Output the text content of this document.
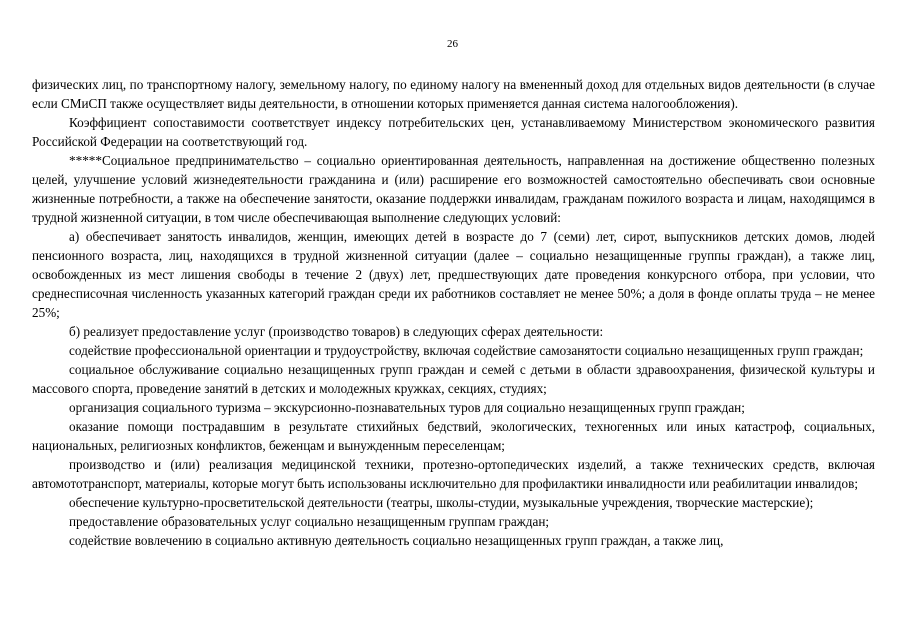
26

физических лиц, по транспортному налогу, земельному налогу, по единому налогу на вмененный доход для отдельных видов деятельности (в случае если СМиСП также осуществляет виды деятельности, в отношении которых применяется данная система налогообложения).

Коэффициент сопоставимости соответствует индексу потребительских цен, устанавливаемому Министерством экономического развития Российской Федерации на соответствующий год.

*****Социальное предпринимательство – социально ориентированная деятельность, направленная на достижение общественно полезных целей, улучшение условий жизнедеятельности гражданина и (или) расширение его возможностей самостоятельно обеспечивать свои основные жизненные потребности, а также на обеспечение занятости, оказание поддержки инвалидам, гражданам пожилого возраста и лицам, находящимся в трудной жизненной ситуации, в том числе обеспечивающая выполнение следующих условий:

а) обеспечивает занятость инвалидов, женщин, имеющих детей в возрасте до 7 (семи) лет, сирот, выпускников детских домов, людей пенсионного возраста, лиц, находящихся в трудной жизненной ситуации (далее – социально незащищенные группы граждан), а также лиц, освобожденных из мест лишения свободы в течение 2 (двух) лет, предшествующих дате проведения конкурсного отбора, при условии, что среднесписочная численность указанных категорий граждан среди их работников составляет не менее 50%; а доля в фонде оплаты труда – не менее 25%;

б) реализует предоставление услуг (производство товаров) в следующих сферах деятельности:

содействие профессиональной ориентации и трудоустройству, включая содействие самозанятости социально незащищенных групп граждан;

социальное обслуживание социально незащищенных групп граждан и семей с детьми в области здравоохранения, физической культуры и массового спорта, проведение занятий в детских и молодежных кружках, секциях, студиях;

организация социального туризма – экскурсионно-познавательных туров для социально незащищенных групп граждан;

оказание помощи пострадавшим в результате стихийных бедствий, экологических, техногенных или иных катастроф, социальных, национальных, религиозных конфликтов, беженцам и вынужденным переселенцам;

производство и (или) реализация медицинской техники, протезно-ортопедических изделий, а также технических средств, включая автомототранспорт, материалы, которые могут быть использованы исключительно для профилактики инвалидности или реабилитации инвалидов;

обеспечение культурно-просветительской деятельности (театры, школы-студии, музыкальные учреждения, творческие мастерские);

предоставление образовательных услуг социально незащищенным группам граждан;

содействие вовлечению в социально активную деятельность социально незащищенных групп граждан, а также лиц,
